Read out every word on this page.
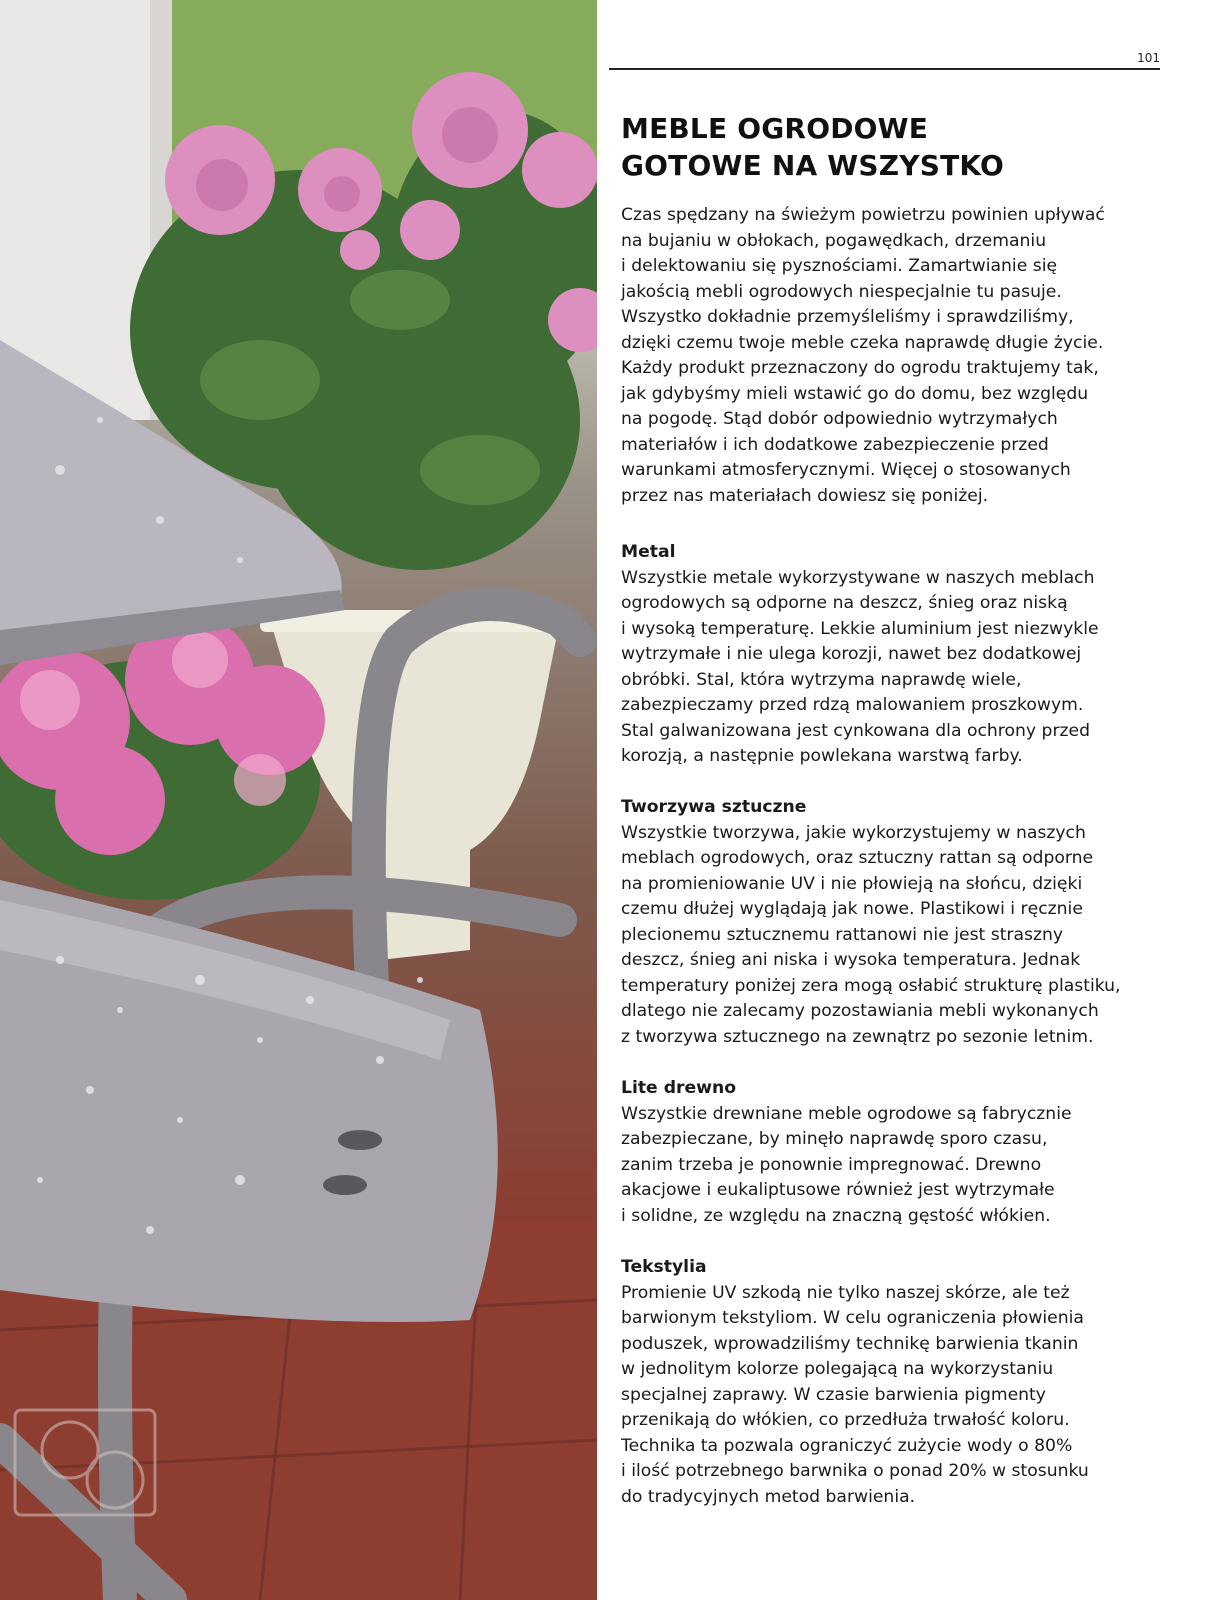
101
MEBLE OGRODOWE
GOTOWE NA WSZYSTKO
Czas spędzany na świeżym powietrzu powinien upływać
na bujaniu w obłokach, pogawędkach, drzemaniu
i delektowaniu się pysznościami. Zamartwianie się
jakością mebli ogrodowych niespecjalnie tu pasuje.
Wszystko dokładnie przemyśleliśmy i sprawdziliśmy,
dzięki czemu twoje meble czeka naprawdę długie życie.
Każdy produkt przeznaczony do ogrodu traktujemy tak,
jak gdybyśmy mieli wstawić go do domu, bez względu
na pogodę. Stąd dobór odpowiednio wytrzymałych
materiałów i ich dodatkowe zabezpieczenie przed
warunkami atmosferycznymi. Więcej o stosowanych
przez nas materiałach dowiesz się poniżej.
Metal
Wszystkie metale wykorzystywane w naszych meblach
ogrodowych są odporne na deszcz, śnieg oraz niską
i wysoką temperaturę. Lekkie aluminium jest niezwykle
wytrzymałe i nie ulega korozji, nawet bez dodatkowej
obróbki. Stal, która wytrzyma naprawdę wiele,
zabezpieczamy przed rdzą malowaniem proszkowym.
Stal galwanizowana jest cynkowana dla ochrony przed
korozją, a następnie powlekana warstwą farby.
Tworzywa sztuczne
Wszystkie tworzywa, jakie wykorzystujemy w naszych
meblach ogrodowych, oraz sztuczny rattan są odporne
na promieniowanie UV i nie płowieją na słońcu, dzięki
czemu dłużej wyglądają jak nowe. Plastikowi i ręcznie
plecionemu sztucznemu rattanowi nie jest straszny
deszcz, śnieg ani niska i wysoka temperatura. Jednak
temperatury poniżej zera mogą osłabić strukturę plastiku,
dlatego nie zalecamy pozostawiania mebli wykonanych
z tworzywa sztucznego na zewnątrz po sezonie letnim.
Lite drewno
Wszystkie drewniane meble ogrodowe są fabrycznie
zabezpieczane, by minęło naprawdę sporo czasu,
zanim trzeba je ponownie impregnować. Drewno
akacjowe i eukaliptusowe również jest wytrzymałe
i solidne, ze względu na znaczną gęstość włókien.
Tekstylia
Promienie UV szkodą nie tylko naszej skórze, ale też
barwionym tekstyliom. W celu ograniczenia płowienia
poduszek, wprowadziliśmy technikę barwienia tkanin
w jednolitym kolorze polegającą na wykorzystaniu
specjalnej zaprawy. W czasie barwienia pigmenty
przenikają do włókien, co przedłuża trwałość koloru.
Technika ta pozwala ograniczyć zużycie wody o 80%
i ilość potrzebnego barwnika o ponad 20% w stosunku
do tradycyjnych metod barwienia.
